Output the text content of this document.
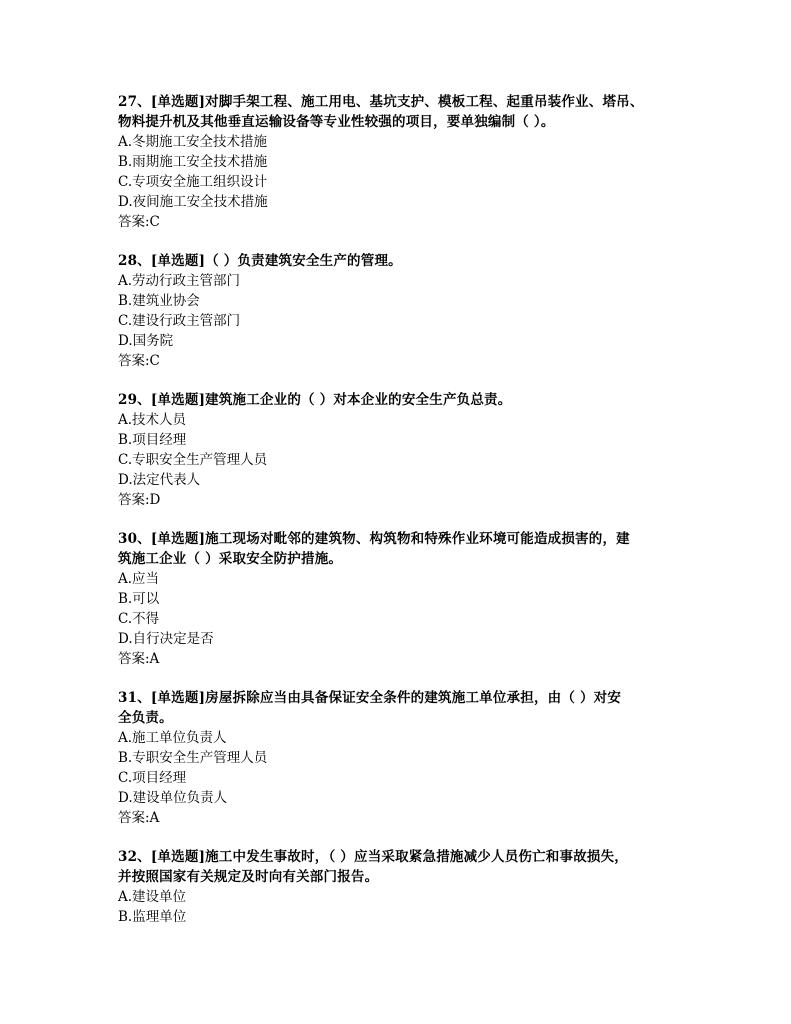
27、[单选题]对脚手架工程、施工用电、基坑支护、模板工程、起重吊装作业、塔吊、
物料提升机及其他垂直运输设备等专业性较强的项目，要单独编制（ ）。
A.冬期施工安全技术措施
B.雨期施工安全技术措施
C.专项安全施工组织设计
D.夜间施工安全技术措施
答案:C
28、[单选题]（ ）负责建筑安全生产的管理。
A.劳动行政主管部门
B.建筑业协会
C.建设行政主管部门
D.国务院
答案:C
29、[单选题]建筑施工企业的（ ）对本企业的安全生产负总责。
A.技术人员
B.项目经理
C.专职安全生产管理人员
D.法定代表人
答案:D
30、[单选题]施工现场对毗邻的建筑物、构筑物和特殊作业环境可能造成损害的，建
筑施工企业（ ）采取安全防护措施。
A.应当
B.可以
C.不得
D.自行决定是否
答案:A
31、[单选题]房屋拆除应当由具备保证安全条件的建筑施工单位承担，由（ ）对安
全负责。
A.施工单位负责人
B.专职安全生产管理人员
C.项目经理
D.建设单位负责人
答案:A
32、[单选题]施工中发生事故时，（ ）应当采取紧急措施减少人员伤亡和事故损失，
并按照国家有关规定及时向有关部门报告。
A.建设单位
B.监理单位
